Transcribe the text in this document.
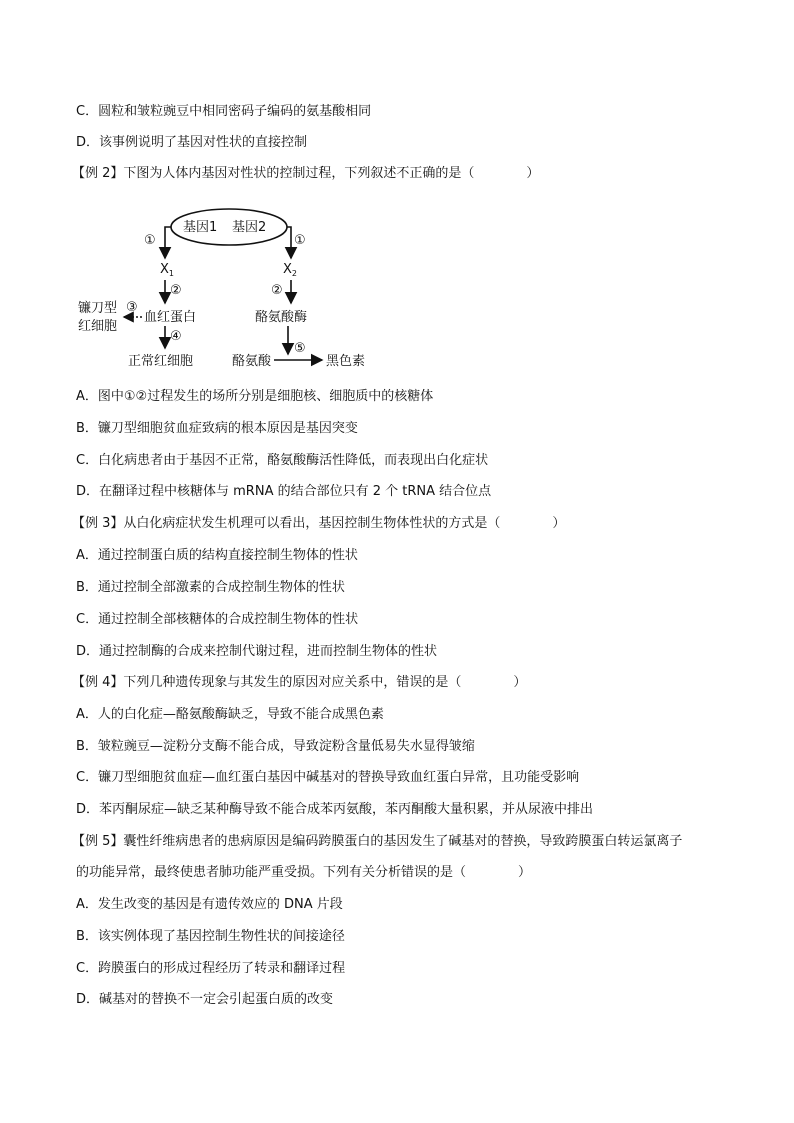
C．圆粒和皱粒豌豆中相同密码子编码的氨基酸相同
D．该事例说明了基因对性状的直接控制
【例 2】下图为人体内基因对性状的控制过程，下列叙述不正确的是（　　　　）
基因1 基因2
①
$X_1$
①
$X_2$
②
血红蛋白
③
镰刀型
红细胞
④
正常红细胞
②
酪氨酸酶
⑤
酪氨酸	黑色素
A．图中①②过程发生的场所分别是细胞核、细胞质中的核糖体
B．镰刀型细胞贫血症致病的根本原因是基因突变
C．白化病患者由于基因不正常，酪氨酸酶活性降低，而表现出白化症状
D．在翻译过程中核糖体与 mRNA 的结合部位只有 2 个 tRNA 结合位点
【例 3】从白化病症状发生机理可以看出，基因控制生物体性状的方式是（　　　　）
A．通过控制蛋白质的结构直接控制生物体的性状
B．通过控制全部激素的合成控制生物体的性状
C．通过控制全部核糖体的合成控制生物体的性状
D．通过控制酶的合成来控制代谢过程，进而控制生物体的性状
【例 4】下列几种遗传现象与其发生的原因对应关系中，错误的是（　　　　）
A．人的白化症—酪氨酸酶缺乏，导致不能合成黑色素
B．皱粒豌豆—淀粉分支酶不能合成，导致淀粉含量低易失水显得皱缩
C．镰刀型细胞贫血症—血红蛋白基因中碱基对的替换导致血红蛋白异常，且功能受影响
D．苯丙酮尿症—缺乏某种酶导致不能合成苯丙氨酸，苯丙酮酸大量积累，并从尿液中排出
【例 5】囊性纤维病患者的患病原因是编码跨膜蛋白的基因发生了碱基对的替换，导致跨膜蛋白转运氯离子
的功能异常，最终使患者肺功能严重受损。下列有关分析错误的是（　　　　）
A．发生改变的基因是有遗传效应的 DNA 片段
B．该实例体现了基因控制生物性状的间接途径
C．跨膜蛋白的形成过程经历了转录和翻译过程
D．碱基对的替换不一定会引起蛋白质的改变
